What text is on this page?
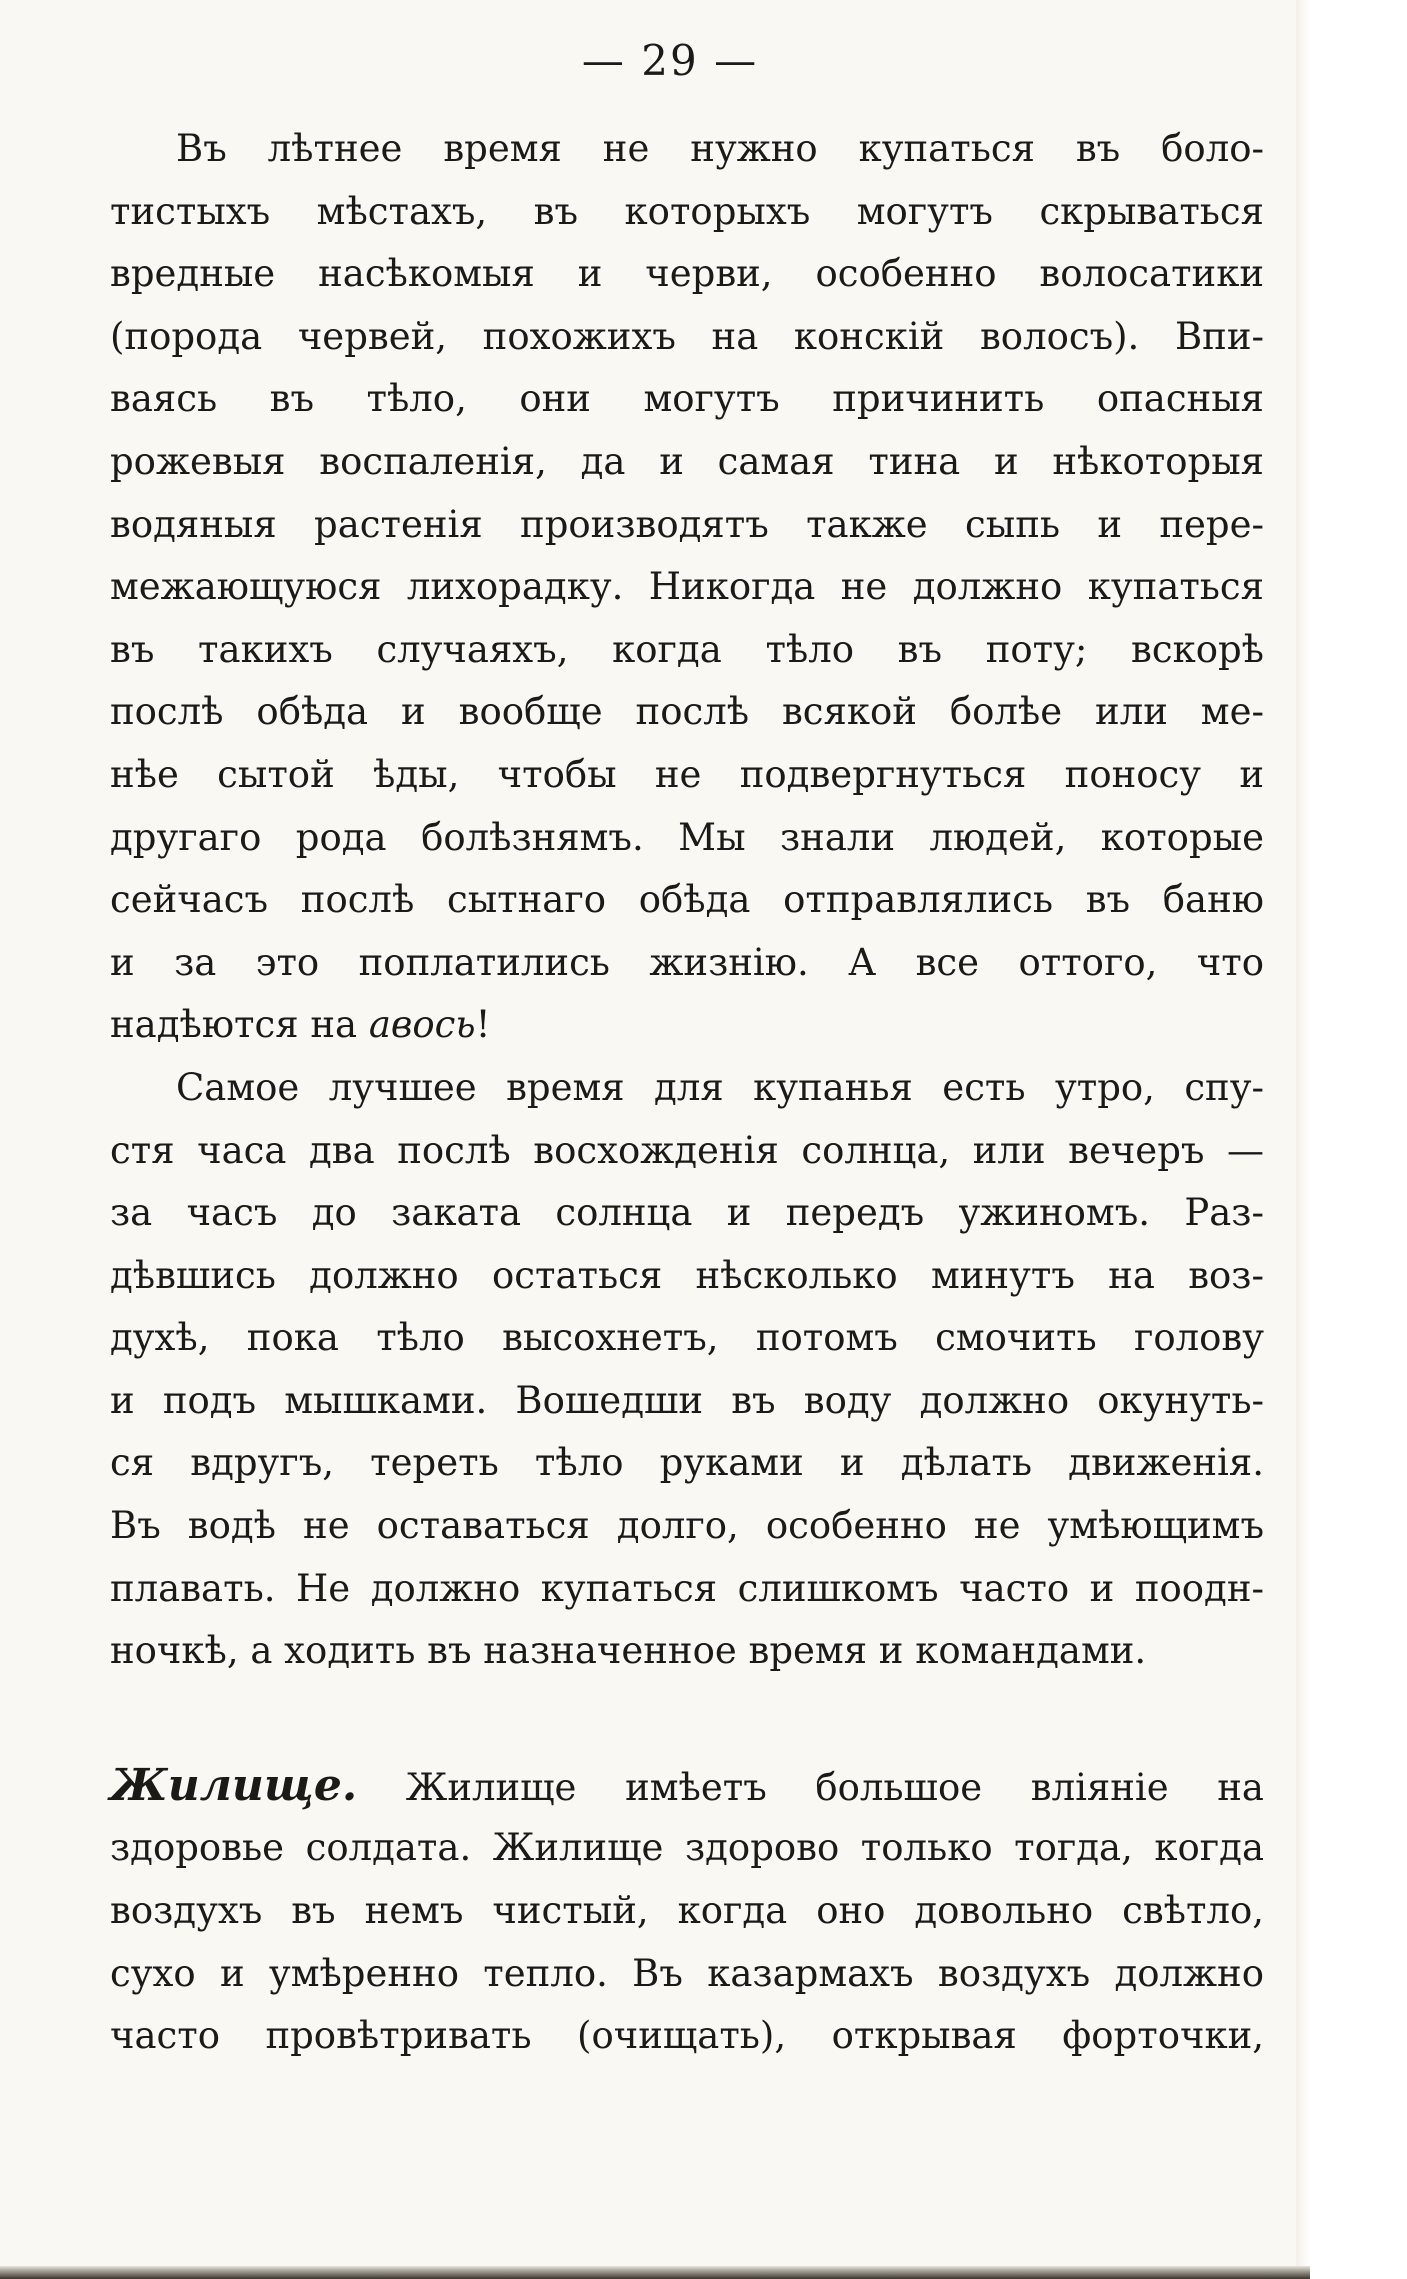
— 29 —
Въ лѣтнее время не нужно купаться въ боло-
тистыхъ мѣстахъ, въ которыхъ могутъ скрываться
вредные насѣкомыя и черви, особенно волосатики
(порода червей, похожихъ на конскій волосъ). Впи-
ваясь въ тѣло, они могутъ причинить опасныя
рожевыя воспаленія, да и самая тина и нѣкоторыя
водяныя растенія производятъ также сыпь и пере-
межающуюся лихорадку. Никогда не должно купаться
въ такихъ случаяхъ, когда тѣло въ поту; вскорѣ
послѣ обѣда и вообще послѣ всякой болѣе или ме-
нѣе сытой ѣды, чтобы не подвергнуться поносу и
другаго рода болѣзнямъ. Мы знали людей, которые
сейчасъ послѣ сытнаго обѣда отправлялись въ баню
и за это поплатились жизнію. А все оттого, что
надѣются на авось!
Самое лучшее время для купанья есть утро, спу-
стя часа два послѣ восхожденія солнца, или вечеръ —
за часъ до заката солнца и передъ ужиномъ. Раз-
дѣвшись должно остаться нѣсколько минутъ на воз-
духѣ, пока тѣло высохнетъ, потомъ смочить голову
и подъ мышками. Вошедши въ воду должно окунуть-
ся вдругъ, тереть тѣло руками и дѣлать движенія.
Въ водѣ не оставаться долго, особенно не умѣющимъ
плавать. Не должно купаться слишкомъ часто и поодн-
ночкѣ, а ходить въ назначенное время и командами.
Жилище. Жилище имѣетъ большое вліяніе на
здоровье солдата. Жилище здорово только тогда, когда
воздухъ въ немъ чистый, когда оно довольно свѣтло,
сухо и умѣренно тепло. Въ казармахъ воздухъ должно
часто провѣтривать (очищать), открывая форточки,
